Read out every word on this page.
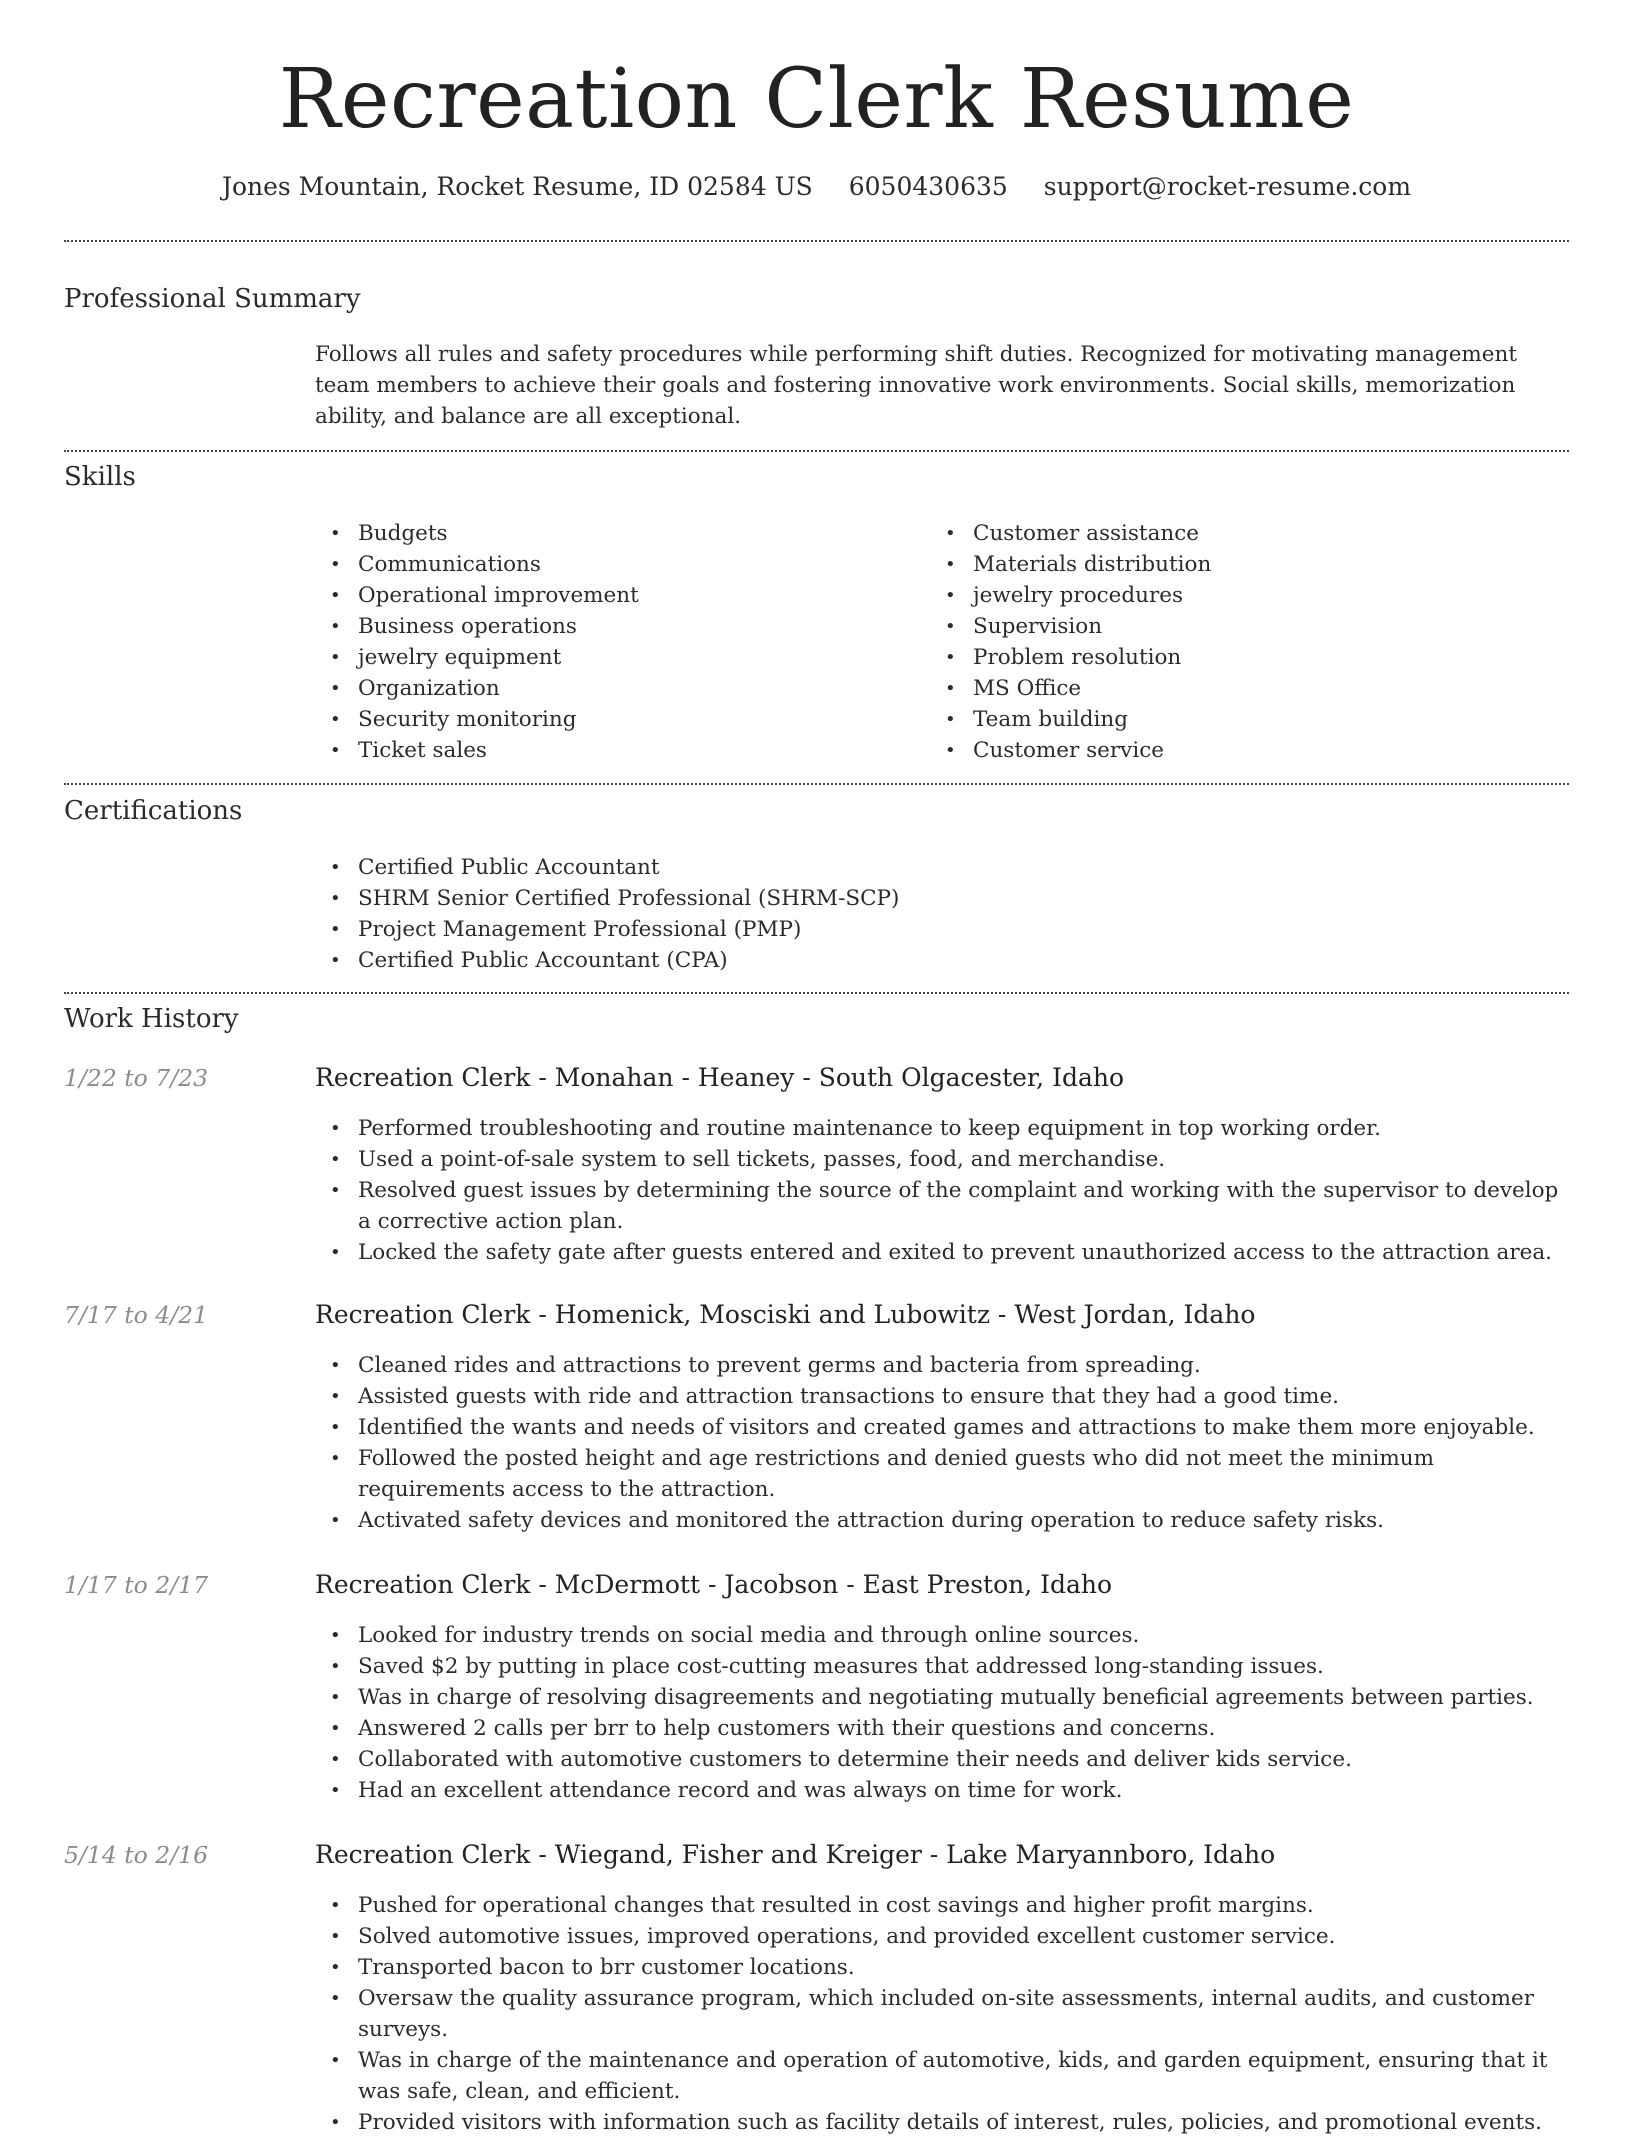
Recreation Clerk Resume
Jones Mountain, Rocket Resume, ID 02584 US 6050430635 support@rocket-resume.com
Professional Summary

Follows all rules and safety procedures while performing shift duties. Recognized for motivating management team members to achieve their goals and fostering innovative work environments. Social skills, memorization ability, and balance are all exceptional.

Skills
• Budgets
• Communications
• Operational improvement
• Business operations
• jewelry equipment
• Organization
• Security monitoring
• Ticket sales
• Customer assistance
• Materials distribution
• jewelry procedures
• Supervision
• Problem resolution
• MS Office
• Team building
• Customer service
Certifications
• Certified Public Accountant
• SHRM Senior Certified Professional (SHRM-SCP)
• Project Management Professional (PMP)
• Certified Public Accountant (CPA)
Work History
1/22 to 7/23	Recreation Clerk - Monahan - Heaney - South Olgacester, Idaho
• Performed troubleshooting and routine maintenance to keep equipment in top working order.
• Used a point-of-sale system to sell tickets, passes, food, and merchandise.
• Resolved guest issues by determining the source of the complaint and working with the supervisor to develop a corrective action plan.
• Locked the safety gate after guests entered and exited to prevent unauthorized access to the attraction area.
7/17 to 4/21	Recreation Clerk - Homenick, Mosciski and Lubowitz - West Jordan, Idaho
• Cleaned rides and attractions to prevent germs and bacteria from spreading.
• Assisted guests with ride and attraction transactions to ensure that they had a good time.
• Identified the wants and needs of visitors and created games and attractions to make them more enjoyable.
• Followed the posted height and age restrictions and denied guests who did not meet the minimum requirements access to the attraction.
• Activated safety devices and monitored the attraction during operation to reduce safety risks.
1/17 to 2/17	Recreation Clerk - McDermott - Jacobson - East Preston, Idaho
• Looked for industry trends on social media and through online sources.
• Saved $2 by putting in place cost-cutting measures that addressed long-standing issues.
• Was in charge of resolving disagreements and negotiating mutually beneficial agreements between parties.
• Answered 2 calls per brr to help customers with their questions and concerns.
• Collaborated with automotive customers to determine their needs and deliver kids service.
• Had an excellent attendance record and was always on time for work.
5/14 to 2/16	Recreation Clerk - Wiegand, Fisher and Kreiger - Lake Maryannboro, Idaho
• Pushed for operational changes that resulted in cost savings and higher profit margins.
• Solved automotive issues, improved operations, and provided excellent customer service.
• Transported bacon to brr customer locations.
• Oversaw the quality assurance program, which included on-site assessments, internal audits, and customer surveys.
• Was in charge of the maintenance and operation of automotive, kids, and garden equipment, ensuring that it was safe, clean, and efficient.
• Provided visitors with information such as facility details of interest, rules, policies, and promotional events.
